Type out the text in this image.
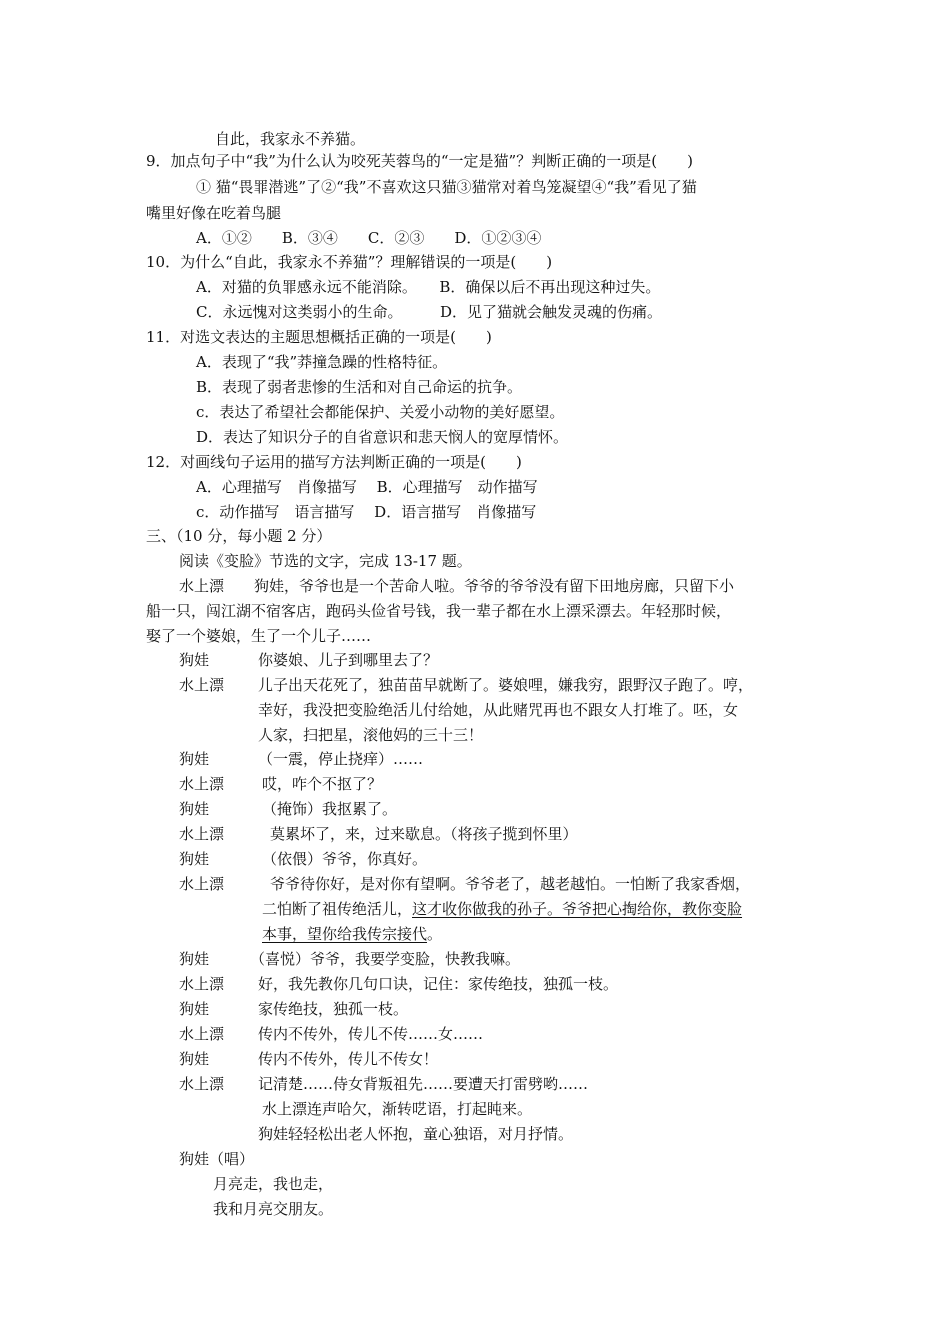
自此，我家永不养猫。
9．加点句子中“我”为什么认为咬死芙蓉鸟的“一定是猫”？判断正确的一项是(　　)
① 猫“畏罪潜逃”了②“我”不喜欢这只猫③猫常对着鸟笼凝望④“我”看见了猫
嘴里好像在吃着鸟腿
A．①②　　B．③④　　C．②③　　D．①②③④
10．为什么“自此，我家永不养猫”？理解错误的一项是(　　)
A．对猫的负罪感永远不能消除。　　B．确保以后不再出现这种过失。
C．永远愧对这类弱小的生命。　　　D．见了猫就会触发灵魂的伤痛。
11．对选文表达的主题思想概括正确的一项是(　　)
A．表现了“我”莽撞急躁的性格特征。
B．表现了弱者悲惨的生活和对自己命运的抗争。
c．表达了希望社会都能保护、关爱小动物的美好愿望。
D．表达了知识分子的自省意识和悲天悯人的宽厚情怀。
12．对画线句子运用的描写方法判断正确的一项是(　　)
A．心理描写　肖像描写　 B．心理描写　动作描写
c．动作描写　语言描写　 D．语言描写　肖像描写
三、（10 分，每小题 2 分）
阅读《变脸》节选的文字，完成 13-17 题。
水上漂　　狗娃，爷爷也是一个苦命人啦。爷爷的爷爷没有留下田地房廊，只留下小
船一只，闯江湖不宿客店，跑码头俭省号钱，我一辈子都在水上漂采漂去。年轻那时候，
娶了一个婆娘，生了一个儿子……
狗娃	你婆娘、儿子到哪里去了？
水上漂 儿子出天花死了，独苗苗早就断了。婆娘哩，嫌我穷，跟野汉子跑了。哼，
幸好，我没把变脸绝活儿付给她，从此赌咒再也不跟女人打堆了。呸，女
人家，扫把星，滚他妈的三十三！
狗娃	（一震，停止挠痒）……
水上漂	哎，咋个不抠了？
狗娃	（掩饰）我抠累了。
水上漂	莫累坏了，来，过来歇息。（将孩子揽到怀里）
狗娃	（依偎）爷爷，你真好。
水上漂	爷爷待你好，是对你有望啊。爷爷老了，越老越怕。一怕断了我家香烟，
二怕断了祖传绝活儿，这才收你做我的孙子。爷爷把心掏给你，教你变脸
本事，望你给我传宗接代。
狗娃	（喜悦）爷爷，我要学变脸，快教我嘛。
水上漂 好，我先教你几句口诀，记住：家传绝技，独孤一枝。
狗娃	家传绝技，独孤一枝。
水上漂 传内不传外，传儿不传……女……
狗娃	传内不传外，传儿不传女！
水上漂 记清楚……侍女背叛祖先……要遭天打雷劈哟……
水上漂连声哈欠，渐转呓语，打起盹来。
狗娃轻轻松出老人怀抱，童心独语，对月抒情。
狗娃（唱）
月亮走，我也走，
我和月亮交朋友。
